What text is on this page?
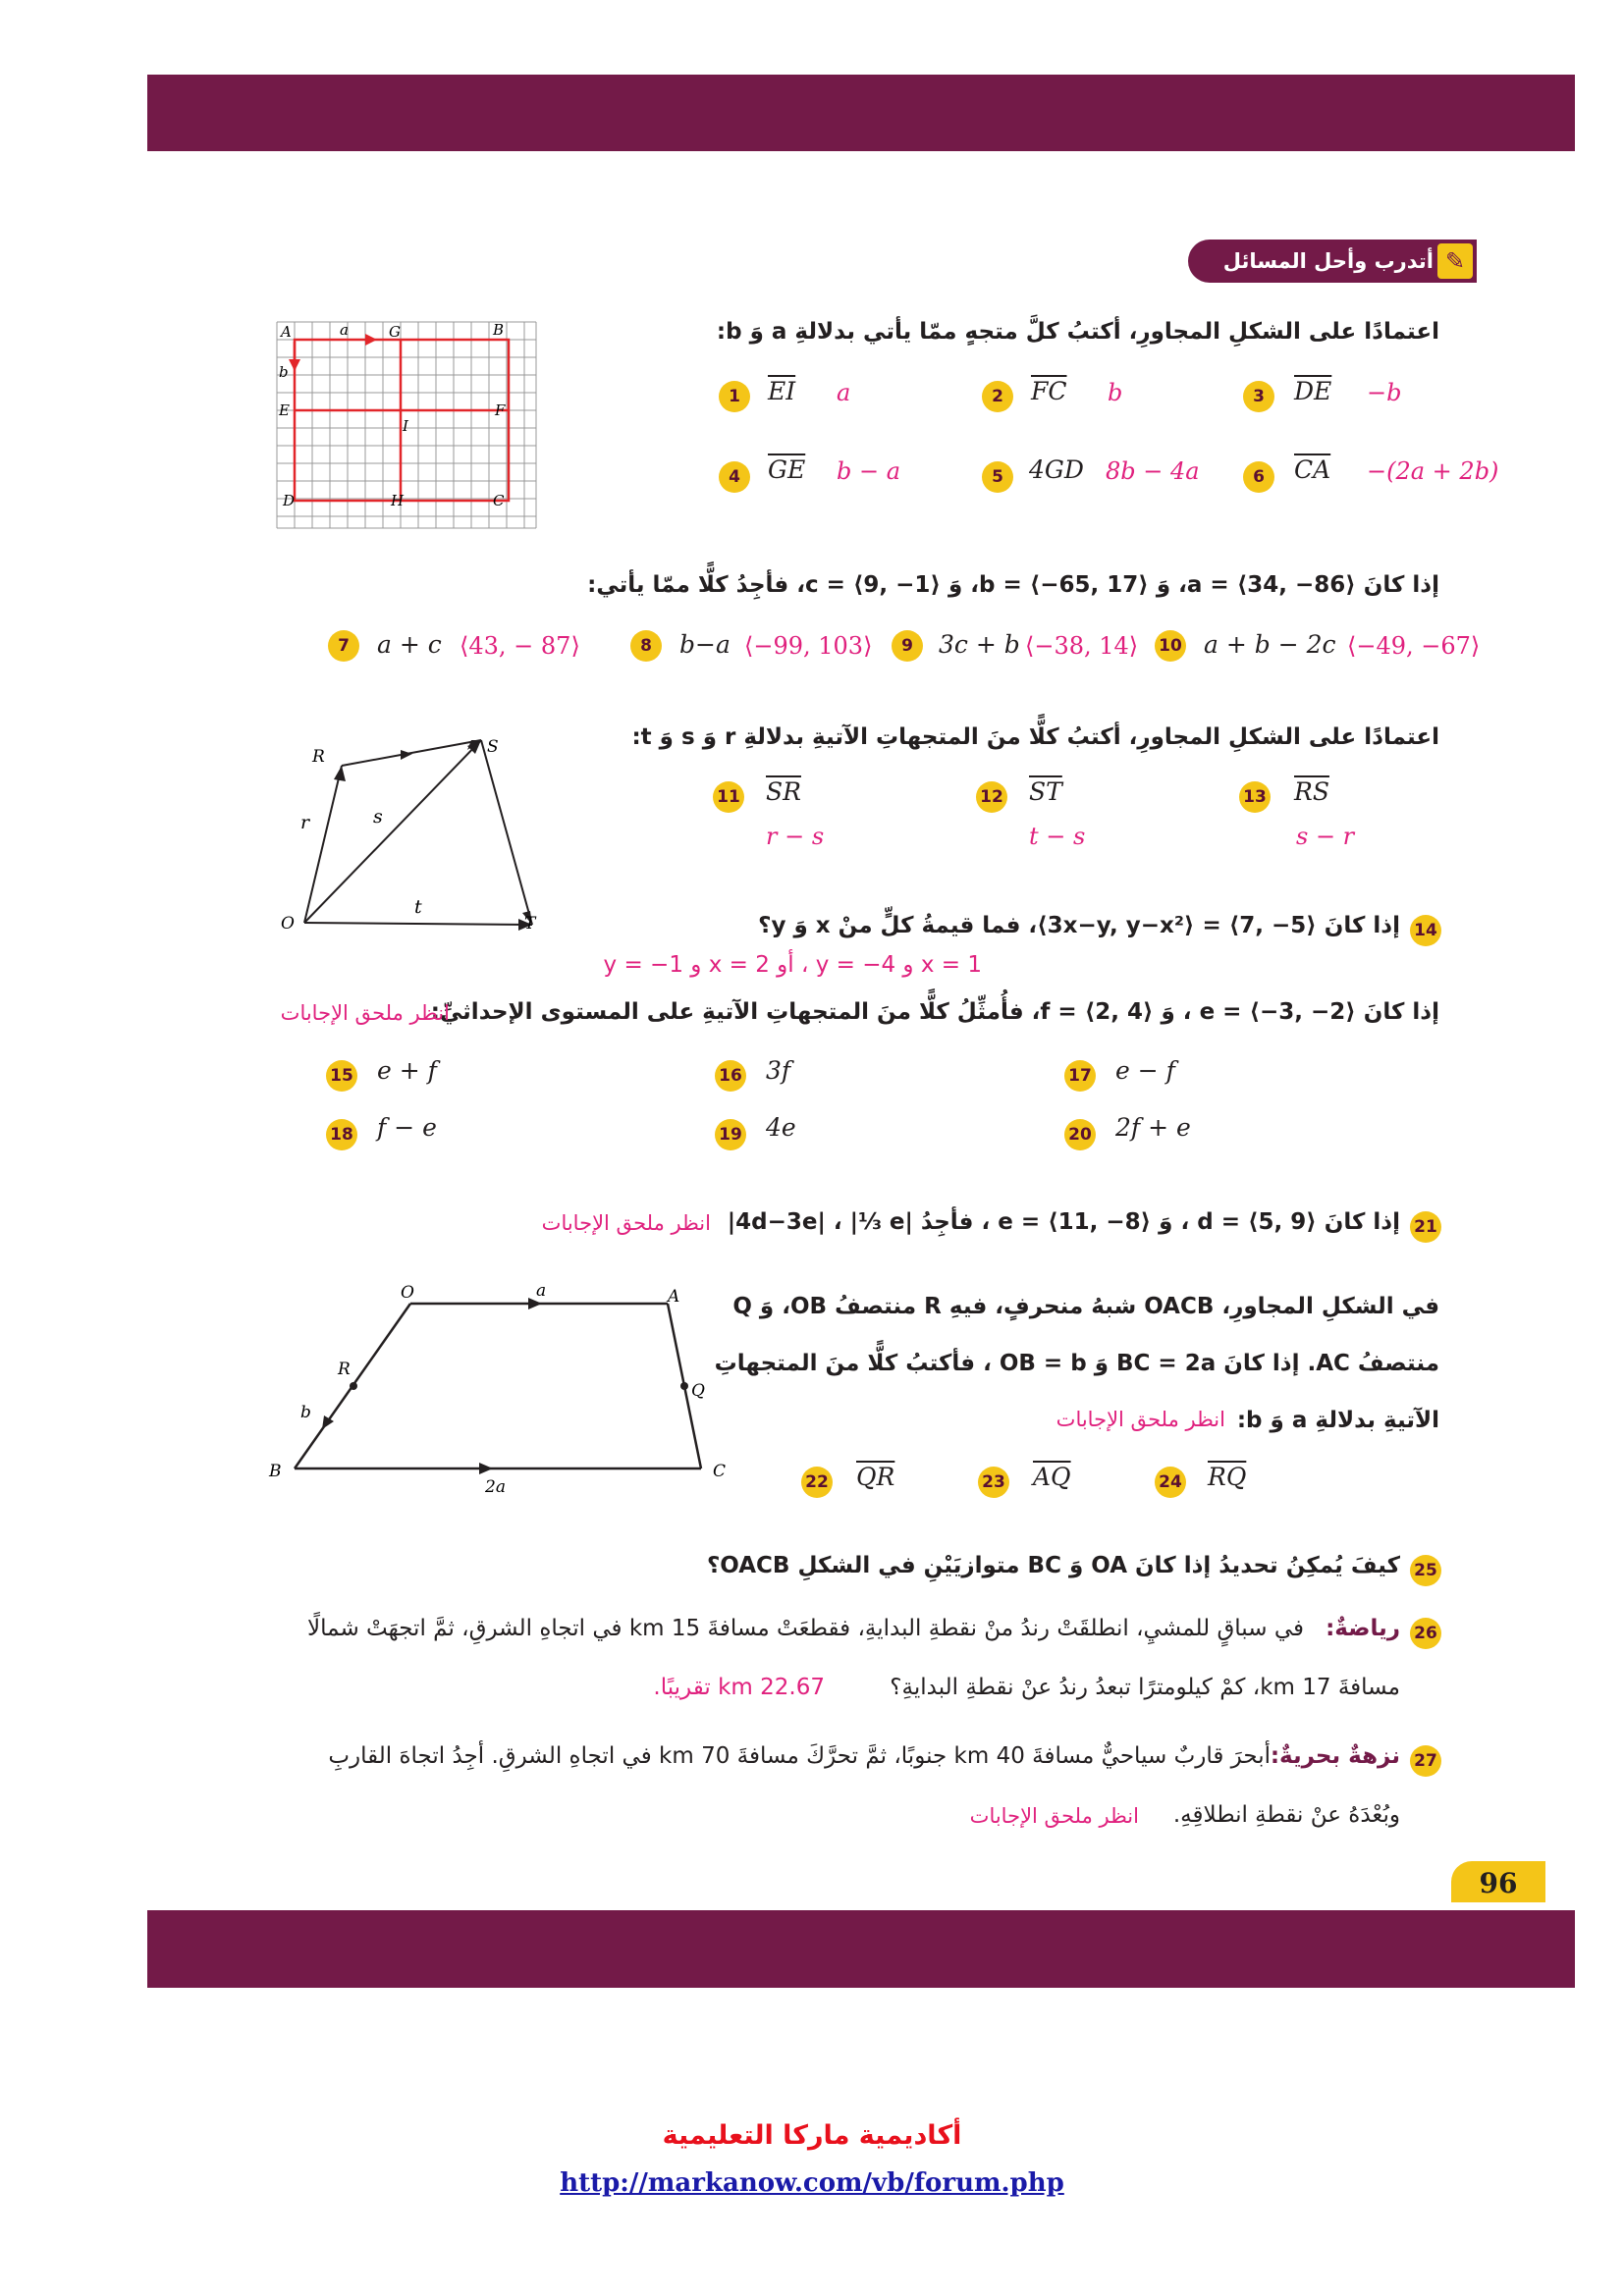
96
أتدرب وأحل المسائل ✎
A	a	G	B
b
E	F
I
D	H	C
اعتمادًا على الشكلِ المجاورِ، أكتبُ كلَّ متجهٍ ممّا يأتي بدلالةِ a وَ b:
1	$\overline{EI}$ a	2	$\overline{FC}$ b	3	$\overline{DE} -b$
4	$\overline{GE}$ b − a	5	4GD 8b − 4a	6	$\overline{CA} -(2a + 2b)$
إذا كانَ ‎a = ⟨34, −86⟩‎، وَ ‎b = ⟨−65, 17⟩‎، وَ ‎c = ⟨9, −1⟩‎، فأجِدُ كلًّا ممّا يأتي:
7	a + c ⟨43, − 87⟩	8	b−a ⟨−99, 103⟩	9	3c + b ⟨−38, 14⟩ 10 a + b − 2c ⟨−49, −67⟩
R	S
O	T
r	s
t
اعتمادًا على الشكلِ المجاورِ، أكتبُ كلًّا منَ المتجهاتِ الآتيةِ بدلالةِ r وَ s وَ t:
11 $\overline{SR}$
r − s
12 $\overline{ST}$
t − s
13 $\overline{RS}$
s − r
14
إذا كانَ ‎⟨3x−y, y−x²⟩ = ⟨7, −5⟩‎، فما قيمةُ كلٍّ منْ x وَ y؟
x = 1 و y = −4 ، أو x = 2 و y = −1
إذا كانَ ‎e = ⟨−3, −2⟩‎ ، وَ ‎f = ⟨2, 4⟩‎، فأُمثِّلُ كلًّا منَ المتجهاتِ الآتيةِ على المستوى الإحداثيِّ:
انظر ملحق الإجابات
15 e + f	16 3f	17 e − f
18 f − e	19 4e	20 2f + e
21
إذا كانَ ‎d = ⟨5, 9⟩‎ ، وَ ‎e = ⟨11, −8⟩‎ ، فأجِدُ ‎|4d−3e|‎ ، ‎|⅓ e|‎
انظر ملحق الإجابات
O	A
R
Q
B	C
a
b
2a
في الشكلِ المجاورِ، OACB شبهُ منحرفٍ، فيهِ R منتصفُ OB، وَ Q
منتصفُ AC. إذا كانَ BC = 2a وَ OB = b ، فأكتبُ كلًّا منَ المتجهاتِ
الآتيةِ بدلالةِ a وَ b:
انظر ملحق الإجابات
22 $\overline{QR}$	23 $\overline{AQ}$	24 $\overline{RQ}$
25
كيفَ يُمكِنُ تحديدُ إذا كانَ OA وَ BC متوازيَيْنِ في الشكلِ OACB؟
26
رياضةٌ:
في سباقٍ للمشيِ، انطلقَتْ رندُ منْ نقطةِ البدايةِ، فقطعَتْ مسافةَ 15 km في اتجاهِ الشرقِ، ثمَّ اتجهَتْ شمالًا
مسافةَ 17 km، كمْ كيلومترًا تبعدُ رندُ عنْ نقطةِ البدايةِ؟
22.67 km تقريبًا.
27
نزهةٌ بحريةٌ:
أبحرَ قاربٌ سياحيٌّ مسافةَ 40 km جنوبًا، ثمَّ تحرَّكَ مسافةَ 70 km في اتجاهِ الشرقِ. أجِدُ اتجاهَ القاربِ
وبُعْدَهُ عنْ نقطةِ انطلاقِهِ.
انظر ملحق الإجابات
أكاديمية ماركا التعليمية
http://markanow.com/vb/forum.php
